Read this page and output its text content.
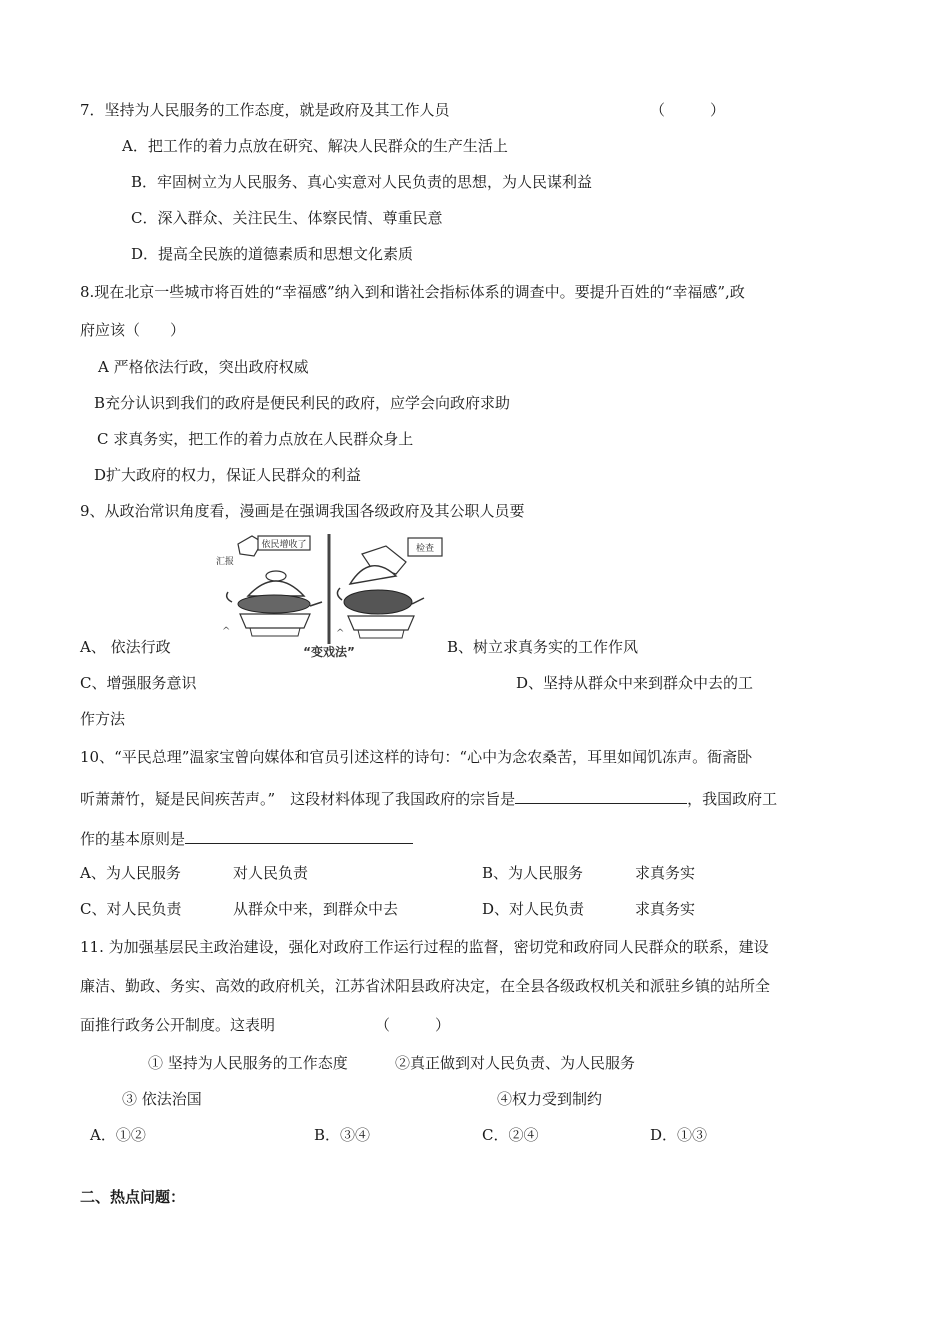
7．坚持为人民服务的工作态度，就是政府及其工作人员	（　　　）
A．把工作的着力点放在研究、解决人民群众的生产生活上
B．牢固树立为人民服务、真心实意对人民负责的思想，为人民谋利益
C．深入群众、关注民生、体察民情、尊重民意
D．提高全民族的道德素质和思想文化素质
8.现在北京一些城市将百姓的“幸福感”纳入到和谐社会指标体系的调查中。要提升百姓的“幸福感”,政
府应该（　　）
A 严格依法行政，突出政府权威
B充分认识到我们的政府是便民利民的政府，应学会向政府求助
C 求真务实，把工作的着力点放在人民群众身上
D扩大政府的权力，保证人民群众的利益
9、从政治常识角度看，漫画是在强调我国各级政府及其公职人员要
依民增收了
汇报
^
检查
^
“变戏法”
A、 依法行政	B、树立求真务实的工作作风
C、增强服务意识	D、坚持从群众中来到群众中去的工
作方法
10、“平民总理”温家宝曾向媒体和官员引述这样的诗句：“心中为念农桑苦，耳里如闻饥冻声。衙斋卧
听萧萧竹，疑是民间疾苦声。”　这段材料体现了我国政府的宗旨是	，我国政府工
作的基本原则是
A、为人民服务	对人民负责	B、为人民服务	求真务实
C、对人民负责	从群众中来，到群众中去	D、对人民负责	求真务实
11. 为加强基层民主政治建设，强化对政府工作运行过程的监督，密切党和政府同人民群众的联系，建设
廉洁、勤政、务实、高效的政府机关，江苏省沭阳县政府决定，在全县各级政权机关和派驻乡镇的站所全
面推行政务公开制度。这表明	（　　　）
① 坚持为人民服务的工作态度	②真正做到对人民负责、为人民服务
③ 依法治国	④权力受到制约
A．①②	B．③④	C．②④	D．①③
二、热点问题：
